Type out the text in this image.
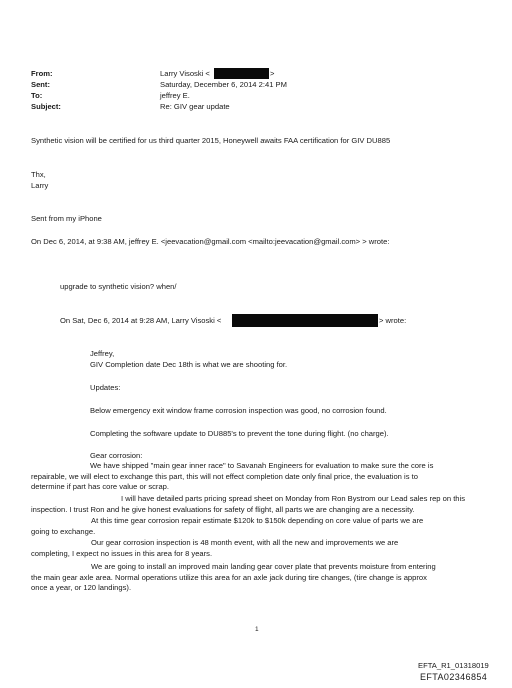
From:	Larry Visoski <	>
Sent:	Saturday, December 6, 2014 2:41 PM
To:	jeffrey E.
Subject:	Re: GIV gear update
Synthetic vision will be certified for us third quarter 2015, Honeywell awaits FAA certification for GIV DU885
Thx,
Larry
Sent from my iPhone
On Dec 6, 2014, at 9:38 AM, jeffrey E. <jeevacation@gmail.com <mailto:jeevacation@gmail.com> > wrote:
upgrade to synthetic vision? when/
On Sat, Dec 6, 2014 at 9:28 AM, Larry Visoski <	> wrote:
Jeffrey,
GIV Completion date Dec 18th is what we are shooting for.
Updates:
Below emergency exit window frame corrosion inspection was good, no corrosion found.
Completing the software update to DU885's to prevent the tone during flight. (no charge).
Gear corrosion:
We have shipped "main gear inner race" to Savanah Engineers for evaluation to make sure the core is
repairable, we will elect to exchange this part, this will not effect completion date only final price, the evaluation is to
determine if part has core value or scrap.
I will have detailed parts pricing spread sheet on Monday from Ron Bystrom our Lead sales rep on this
inspection. I trust Ron and he give honest evaluations for safety of flight, all parts we are changing are a necessity.
At this time gear corrosion repair estimate $120k to $150k depending on core value of parts we are
going to exchange.
Our gear corrosion inspection is 48 month event, with all the new and improvements we are
completing, I expect no issues in this area for 8 years.
We are going to install an improved main landing gear cover plate that prevents moisture from entering
the main gear axle area. Normal operations utilize this area for an axle jack during tire changes, (tire change is approx
once a year, or 120 landings).
1
EFTA_R1_01318019
EFTA02346854
